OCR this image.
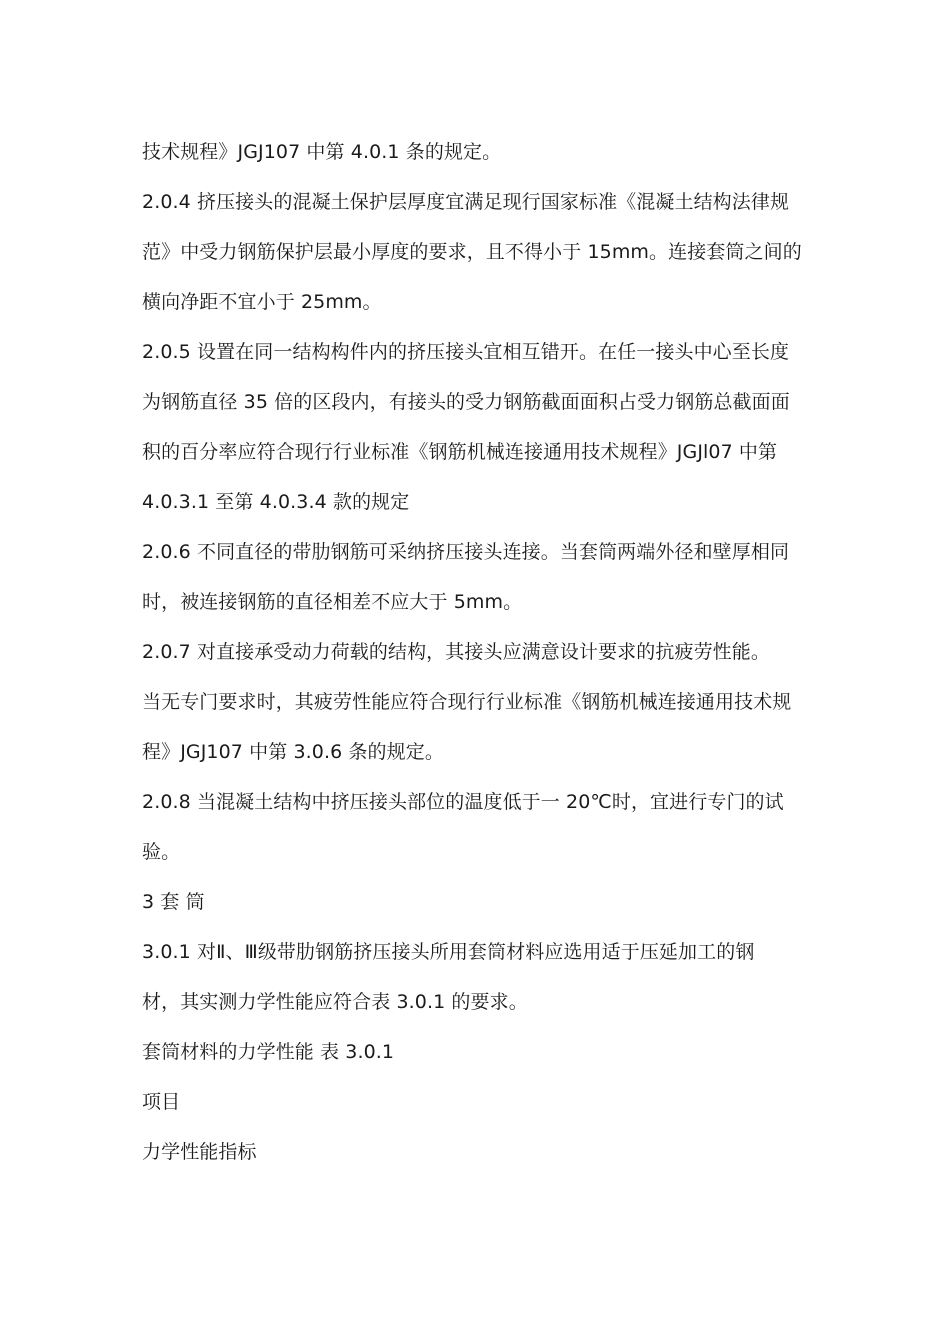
技术规程》JGJ107 中第 4.0.1 条的规定。
2.0.4 挤压接头的混凝土保护层厚度宜满足现行国家标准《混凝土结构法律规
范》中受力钢筋保护层最小厚度的要求，且不得小于 15mm。连接套筒之间的
横向净距不宜小于 25mm。
2.0.5 设置在同一结构构件内的挤压接头宜相互错开。在任一接头中心至长度
为钢筋直径 35 倍的区段内，有接头的受力钢筋截面面积占受力钢筋总截面面
积的百分率应符合现行行业标准《钢筋机械连接通用技术规程》JGJl07 中第
4.0.3.1 至第 4.0.3.4 款的规定
2.0.6 不同直径的带肋钢筋可采纳挤压接头连接。当套筒两端外径和壁厚相同
时，被连接钢筋的直径相差不应大于 5mm。
2.0.7 对直接承受动力荷载的结构，其接头应满意设计要求的抗疲劳性能。
当无专门要求时，其疲劳性能应符合现行行业标准《钢筋机械连接通用技术规
程》JGJ107 中第 3.0.6 条的规定。
2.0.8 当混凝土结构中挤压接头部位的温度低于一 20℃时，宜进行专门的试
验。
3 套 筒
3.0.1 对Ⅱ、Ⅲ级带肋钢筋挤压接头所用套筒材料应选用适于压延加工的钢
材，其实测力学性能应符合表 3.0.1 的要求。
套筒材料的力学性能 表 3.0.1
项目
力学性能指标
